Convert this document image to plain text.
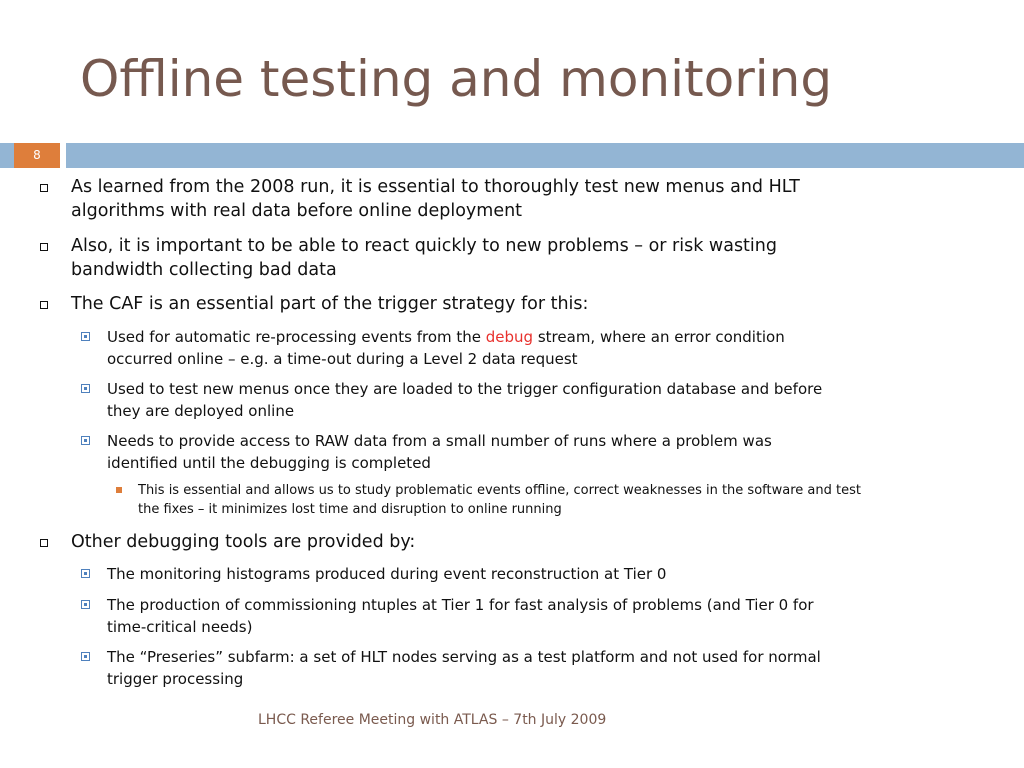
Offline testing and monitoring
8
As learned from the 2008 run, it is essential to thoroughly test new menus and HLT
algorithms with real data before online deployment
Also, it is important to be able to react quickly to new problems – or risk wasting
bandwidth collecting bad data
The CAF is an essential part of the trigger strategy for this:
Used for automatic re-processing events from the debug stream, where an error condition
occurred online – e.g. a time-out during a Level 2 data request
Used to test new menus once they are loaded to the trigger configuration database and before
they are deployed online
Needs to provide access to RAW data from a small number of runs where a problem was
identified until the debugging is completed
This is essential and allows us to study problematic events offline, correct weaknesses in the software and test
the fixes – it minimizes lost time and disruption to online running
Other debugging tools are provided by:
The monitoring histograms produced during event reconstruction at Tier 0
The production of commissioning ntuples at Tier 1 for fast analysis of problems (and Tier 0 for
time-critical needs)
The “Preseries” subfarm: a set of HLT nodes serving as a test platform and not used for normal
trigger processing
LHCC Referee Meeting with ATLAS – 7th July 2009
